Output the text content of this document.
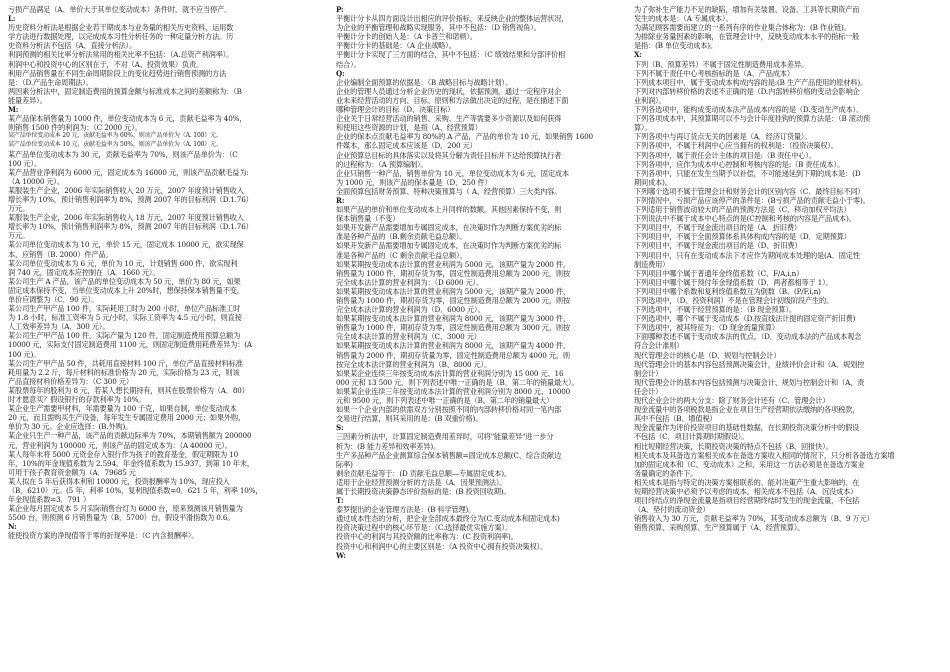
亏损产品满足（A、单价大于其单位变动成本）条件时，就不应当停产。
L:
历史资料分析法是根据企业若干期成本与业务量的相关历史资料，运用数
学方法进行数据处理，以完成成本习性分析任务的一种定量分析方法。历
史资料分析法不包括（A、直接分析法）。
利润预测的相关比率分析法常用的相关比率不包括：（A.总资产利润率）。
利润中心和投资中心的区别在于，不对（A、投资效果）负责。
利用产品销售量在不同生命周期阶段上的变化趋势进行销售预测的方法
是：（D.产品生命周期法）。
两因素分析法中，固定制造费用的预算金额与标准成本之间的差额称为：（B
能量差异）。
M:
某产品保本销售量为 1000 件，单位变动成本为 6 元，贡献毛益率为 40%，
则销售 1500 件的利润为：（C 2000 元）。
某产品单位变动成本 20 元，贡献毛益率为 60%，则该产品单价为（A. 100）元。
某产品单位变动成本 10 元，贡献毛益率为 50%，则该产品单价为（A. 100）元。
某产品单位变动成本为 30 元，贡献毛益率为 70%，则该产品单价为：（C
100 元）。
某产品营业净利润为 6000 元，固定成本为 16000 元，则该产品贡献毛益为:
（A 10000 元）。
某服装生产企业，2006 年实际销售收入 20 万元，2007 年度预计销售收入
增长率为 10%，预计销售利润率为 8%，预测 2007 年的目标利润（D.1.76）
万元。
某服装生产企业，2006 年实际销售收入 18 万元，2007 年度预计销售收入
增长率为 10%，预计销售利润率为 8%，预测 2007 年的目标利润（D.1.76）
万元。
某公司单位变动成本为 10 元，单价 15 元，固定成本 10000 元，欲实现保
本，应销售（B. 2000）件产品。
某公司单位变动成本为 6 元，单价为 10 元，计划销售 600 件，欲实现利
润 740 元，固定成本应控制在（A．1660 元）。
某公司生产 A 产品，该产品的单位变动成本为 50 元，单价为 80 元，如果
固定成本保持不变，当单位变动成本上升 20%时，想保持保本销售量不变，
单价应调整为（C．90 元）。
某公司生产甲产品 100 件，实际耗用工时为 200 小时，单位产品标准工时
为 1.8 小时，标准工资率为 5 元/小时，实际工资率为 4.5 元/小时，则直接
人工效率差异为（A．300 元）。
某公司生产甲产品 100 件，实际产量为 120 件，固定制造费用预算总额为
10000 元，实际支付固定制造费用 1100 元，则固定制造费用耗费差异为：(A
100 元)。
某公司生产甲产品 50 件，共耗用直接材料 100 斤，单位产品直接材料标准
耗用量为 2.2 斤，每斤材料的标准价格为 20 元，实际价格为 23 元，则该
产品直接材料价格差异为：（C 300 元）
某股票每年的股利为 8 元，若某人想长期持有，则其在股票价格为（A．80）
时才愿意买？假设银行的存款利率为 10%。
某企业生产需要甲材料，年需要量为 100 千克，如果自制，单位变动成本
20 元，而且需购买生产设备，每年发生专属固定费用 2000 元；如果外购，
单价为 30 元。企业应选择：(B.外购)。
某企业只生产一种产品，该产品的贡献边际率为 70%，本期销售额为 200000
元，营业利润为 100000 元，则该产品的固定成本为：（A 40000 元）。
某人每年末将 5000 元资金存入银行作为孩子的教育基金，假定期限为 10
年，10%的年金现值系数为 2.594，年金终值系数为 15.937。到第 10 年末，
可用于孩子教育资金额为（A．79685 元
某人拟在 5 年后获得本利和 10000 元，投资报酬率为 10%，现应投入
（B．6210）元。(5 年，利率 10%，复利现值系数=0．621 5 年，利率 10%，
年金现值系数=3．791 ）
某企业每月固定成本 5 月实际销售台灯为 6000 台，原来预测该月销售量为
5500 台，则预测 6 月销售量为（B．5700）台，假设平滑指数为 0.6。
N:
能使投资方案的净现值等于零的折现率是：（C 内含报酬率）。
P:
平衡计分卡从四方面设计出相应的评价指标，来反映企业的整体运营状况，
为企业的平衡管理和战略实现服务，其中不包括：（D 销售视角）。
平衡计分卡的创始人是：（A 卡普兰和诺顿）。
平衡计分卡的基础是：（A 企业战略）。
平衡计分卡实现了三方面的结合，其中不包括：（C 绩效结果和分部评价相
结合）。
Q:
企业编制全面预算的依据是：（B 战略目标与战略计划）。
企业的管理人员通过分析企业历史的现状，依据预测，通过一定程序对企
业未来经营活动的方向、目标、原则和方法做出决定的过程，是在描述下面
哪种管理会计的目标（D、决策目标）
企业关于日常经营活动的销售、采购、生产等需要多少资源以及如何获得
和使用这些资源的计划，是指（A、经营预算）
企业的保本点贡献毛益率为 80%的 A 产品，产品的单价为 10 元，如果销售 1600
件媒本，那么固定成本应该是（D、200 元）
企业预算总目标的具体落实以及将其分解为责任目标并下达给预算执行者
的过程称为：（A 预算编制）。
企业只销售一种产品，销售单价为 10 元，单位变动成本为 6 元，固定成本
为 1000 元，则该产品的保本量是（D、250 件）
全面预算包括财务预算、特种决策预算与（ A、经营预算）三大类内容。
R:
如果产品的单价和单位变动成本上升同样的数额，其他因素保持不变，则
保本销售量（不变）
如果开发新产品需要增加专属固定成本，在决策时作为判断方案优劣的标
准是各种产品的（B.剩余贡献毛益总额）。
如果开发新产品需要增加专属固定成本，在决策时作为判断方案优劣的标
准是各种产品的（C 剩余贡献毛益总额）。
如果某期按变动成本法计算的营业利润为 5000 元，该期产量为 2000 件，
销售量为 1000 件，期初存货为零，固定性制造费用总额为 2000 元，则按
完全成本法计算的营业利润为：（D 6000 元）。
如果某期按变动成本法计算的营业利润为 5000 元，该期产量为 2000 件，
销售量为 1000 件，期初存货为零，固定性制造费用总额为 2000 元，则按
完全成本法计算的营业利润为（D．6000 元）。
如果某期按变动成本法计算的营业利润为 8000 元，该期产量为 3000 件，
销售量为 1000 件，期初存货为零，固定性制造费用总额为 3000 元，则按
完全成本法计算的营业利润为（C、3000 元）
如果某期按变动成本法计算的营业利润为 8000 元，该期产量为 4000 件，
销售量为 2000 件，期初存货量为零，固定性制造费用总额为 4000 元，则
按完全成本法计算的营业利润为（B、8000 元）。
如果某企业连续三年按变动成本法计算的营业利润分别为 15 000 元、16
000 元和 13 500 元，则下列表述中唯一正确的是（B．第二年的销量最大）。
如果某企业连续三年按变动成本法计算的营业利润分别为 8000 元、10000
元和 9500 元，则下列表述中唯一正确的是（B、第二年的销量最大）
如果一个企业内部的供需双方分别按照不同的内部转移价格对同一笔内部
交易进行结算，则其采用的是：(B 双重价格)。
S:
三因素分析法中，计算固定制造费用差异时，可将"能量差异"进一步分
析为：(B 能力差异和效率差异)。
生产多品种产品企业测算综合保本销售额=固定成本总额(C、综合贡献边
际率)
剩余贡献毛益等于：(D 贡献毛益总额—专属固定成本)。
适用于企业经营预测分析的方法是（A．因果预测法）。
属于长期投资决策静态评价指标的是：(B 投资回收期)。
T:
泰罗提出的企业管理方法是：(B 科学管理)。
通过成本性态的分析，把企业全部成本最终分为(C.变动成本和固定成本)
投资决策过程中的核心环节是：（C.选择最优实施方案）。
投资中心的利润与其投资额的比率称为：(C 投资利润率)。
投资中心和利润中心的主要区别是：（A 投资中心拥有投资决策权）。
W:
为了弥补生产能力不足的缺陷，增加有关装置、设备、工具等长期资产而
发生的成本是：（A 专属成本）。
为满足顾客需要而建立的一系列有序的作业集合体称为：(B 作业链)。
为排除业务量因素的影响，在管理会计中，反映变动成本水平的指标一般
是指：(B 单位变动成本)。
X:
下列（B、预算差异）不属于固定性制造费用成本差异。
下列不属于责任中心考核指标的是（A、产品成本）
下列成本项目中，属于变动成本构成内容的是:(B 生产产品使用的原材料)。
下列对内部转移价格的表述不正确的是（D.内部转移价格的变动会影响企
业利润）。
下列各选项中，能构成变动成本法产品成本内容的是（D.变动生产成本）。
下列各项成本中，其预算期可以不与会计年度挂钩的预算方法是：（B 滚动预
算）。
下列各项中与再订货点无关的因素是（A．经济订货量）。
下列各项中，不属于利润中心应当拥有的权利是：（投资决策权）。
下列各项中，属于责任会计主体的项目是:（B 责任中心）。
下列各项中，应作为成本中心控制和考核内容的是:（B 责任成本）。
下列各项中，只能在发生当期予以补偿，不可能递延到下期的成本是：(D
期间成本)。
下列哪个选项不属于管理会计和财务会计的区别内容（C、最终目标不同）
下列情况中，亏损产品应该停产的条件是：(B亏损产品的贡献毛益小于零)。
下列适用于销售波动较大的产品的预测方法是（C、移动加权平均法）
下列说法中不属于成本中心特点的是(C控制和考核的内容是产品成本)。
下列项目中，不属于现金流出项目的是（A．折旧费）
下列项目中，不属于全面预算体系具体构成内容的是（D．定期预算）
下列项目中，不属于现金流出项目的是（D、折旧费）
下列项目中，只有在变动成本法下才应作为期间成本处理的是(A．固定性
制造费用）
下列项目中哪个属于普通年金终值系数（C、F/A,i,n）
下列项目中哪个属于预付年金现值系数（D．两者都相等于 1）。
下列项目中哪个系数和复利终值系数互为倒数（B、(P/F,i,n)
下列选项中，（D、投资利润）不是在管理会计初级阶段产生的。
下列选项中，不属于经营预算的是：（B 现金预算）。
下列选项中，哪个不属于变动成本（D.按直线法计提的固定资产折旧费)
下列选项中，被其特征为：（D 现金流量预算）
下面哪种表述不属于变动成本法的优点。（D．变动成本法的产品成本观念
符合会计准则）
现代管理会计的核心是（D、规划与控制会计）
现代管理会计的基本内容包括预测决策会计，业绩评价会计和（A、规划控
制会计）
现代管理会计的基本内容包括预测与决策会计、规划与控制会计和（A、责
任会计）
现代企业会计的两大分支：除了财务会计还有（C、管理会计）
现金流量中的各项税款是指企业在项目生产经营期依法缴纳的各项税款，
其中不包括（B、增值税）
现金流量作为评价投资项目的基础性数据，在长期投资决策分析中的假设
不包括（C．项目计算期时期假设）。
相比短期经营决策，长期投资决策的特点不包括（B、回报快）。
相关成本及其备选方案相关成本在备选方案收入相同的情况下，只分析各备选方案增
加的固定成本和（C、变动成本）之和，采用这一方法必须是在备选方案业
务量确定的条件下。
相关成本是指与特定的决策方案相联系的、能对决策产生重大影响的、在
短期经营决策中必须予以考虑的成本。相关成本不包括（A．沉没成本）
项目终结点的净现金流量是指项目经营期终结时发生的现金流量，不包括
（A、垫付的流动资金）
销售收入为 30 万元，贡献毛益率为 70%，其变动成本总额为（B、9 万元）
销售预算、采购预算、生产预算属于（A、经营预算）。
